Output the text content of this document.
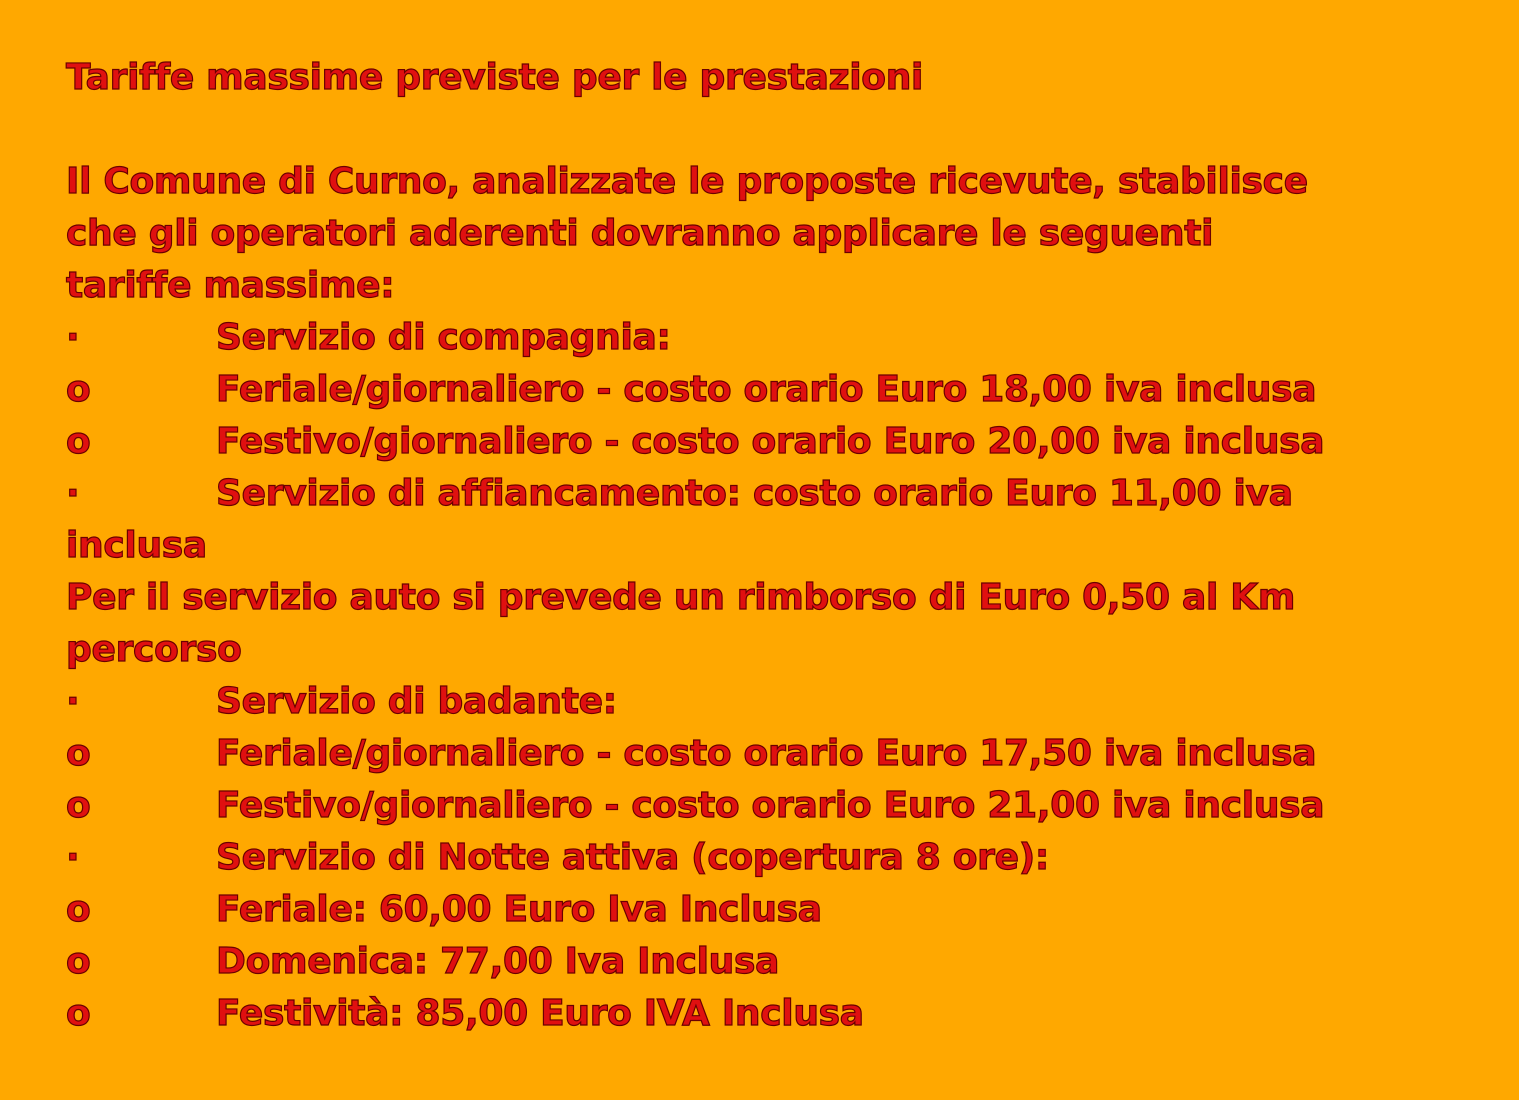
Tariffe massime previste per le prestazioni
Il Comune di Curno, analizzate le proposte ricevute, stabilisce
che gli operatori aderenti dovranno applicare le seguenti
tariffe massime:
·	Servizio di compagnia:
o	Feriale/giornaliero - costo orario Euro 18,00 iva inclusa
o	Festivo/giornaliero - costo orario Euro 20,00 iva inclusa
·	Servizio di affiancamento: costo orario Euro 11,00 iva
inclusa
Per il servizio auto si prevede un rimborso di Euro 0,50 al Km
percorso
·	Servizio di badante:
o	Feriale/giornaliero - costo orario Euro 17,50 iva inclusa
o	Festivo/giornaliero - costo orario Euro 21,00 iva inclusa
·	Servizio di Notte attiva (copertura 8 ore):
o	Feriale: 60,00 Euro Iva Inclusa
o	Domenica: 77,00 Iva Inclusa
o	Festività: 85,00 Euro IVA Inclusa
